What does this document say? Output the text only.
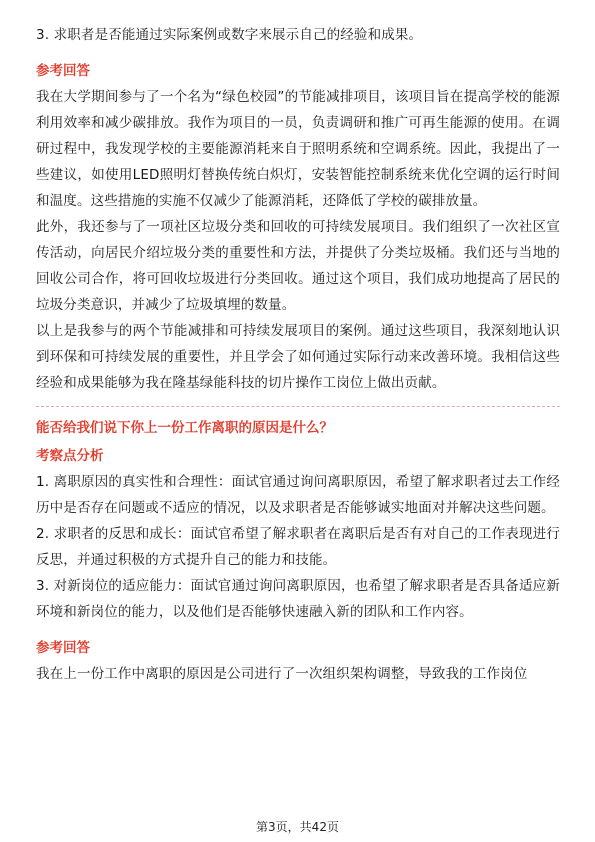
3. 求职者是否能通过实际案例或数字来展示自己的经验和成果。

参考回答

我在大学期间参与了一个名为“绿色校园”的节能减排项目，该项目旨在提高学校的能源利用效率和减少碳排放。我作为项目的一员，负责调研和推广可再生能源的使用。在调研过程中，我发现学校的主要能源消耗来自于照明系统和空调系统。因此，我提出了一些建议，如使用LED照明灯替换传统白炽灯，安装智能控制系统来优化空调的运行时间和温度。这些措施的实施不仅减少了能源消耗，还降低了学校的碳排放量。

此外，我还参与了一项社区垃圾分类和回收的可持续发展项目。我们组织了一次社区宣传活动，向居民介绍垃圾分类的重要性和方法，并提供了分类垃圾桶。我们还与当地的回收公司合作，将可回收垃圾进行分类回收。通过这个项目，我们成功地提高了居民的垃圾分类意识，并减少了垃圾填埋的数量。

以上是我参与的两个节能减排和可持续发展项目的案例。通过这些项目，我深刻地认识到环保和可持续发展的重要性，并且学会了如何通过实际行动来改善环境。我相信这些经验和成果能够为我在隆基绿能科技的切片操作工岗位上做出贡献。

能否给我们说下你上一份工作离职的原因是什么？

考察点分析

1. 离职原因的真实性和合理性：面试官通过询问离职原因，希望了解求职者过去工作经历中是否存在问题或不适应的情况，以及求职者是否能够诚实地面对并解决这些问题。

2. 求职者的反思和成长：面试官希望了解求职者在离职后是否有对自己的工作表现进行反思，并通过积极的方式提升自己的能力和技能。

3. 对新岗位的适应能力：面试官通过询问离职原因，也希望了解求职者是否具备适应新环境和新岗位的能力，以及他们是否能够快速融入新的团队和工作内容。

参考回答

我在上一份工作中离职的原因是公司进行了一次组织架构调整，导致我的工作岗位

第3页，共42页
